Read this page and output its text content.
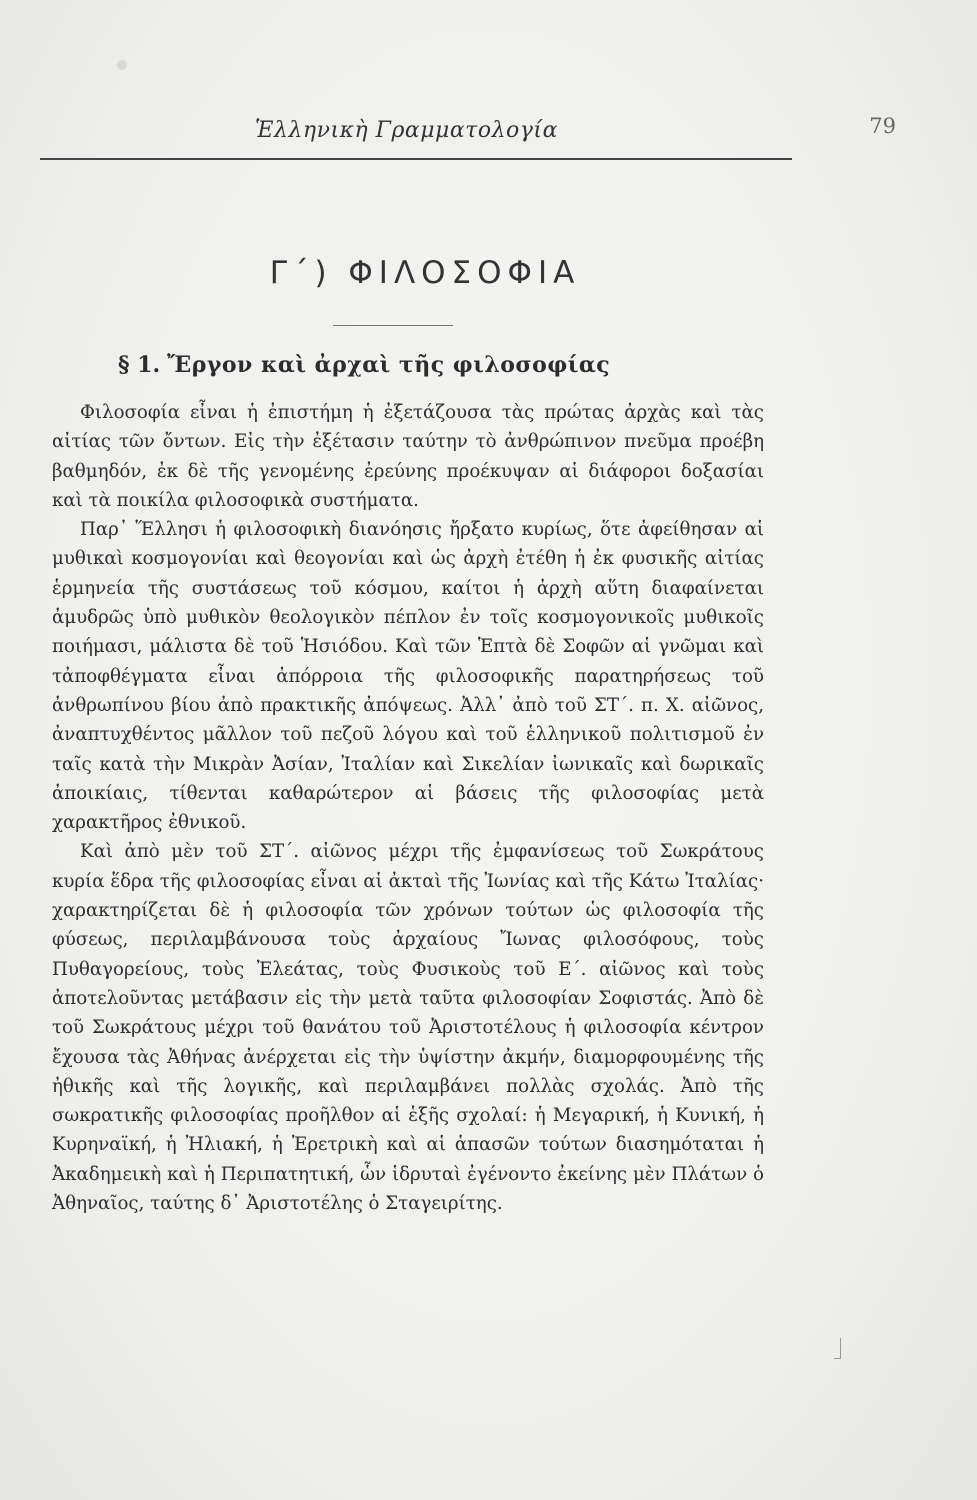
Ἑλληνικὴ Γραμματολογία	79
Γ΄) ΦΙΛΟΣΟΦΙΑ
§ 1. Ἔργον καὶ ἀρχαὶ τῆς φιλοσοφίας

Φιλοσοφία εἶναι ἡ ἐπιστήμη ἡ ἐξετάζουσα τὰς πρώτας ἀρχὰς καὶ τὰς αἰτίας τῶν ὄντων. Εἰς τὴν ἐξέτασιν ταύτην τὸ ἀνθρώπινον πνεῦμα προέβη βαθμηδόν, ἐκ δὲ τῆς γενομένης ἐρεύνης προέκυψαν αἱ διάφοροι δοξασίαι καὶ τὰ ποικίλα φιλοσοφικὰ συστήματα.

Παρ᾿ Ἕλλησι ἡ φιλοσοφικὴ διανόησις ἤρξατο κυρίως, ὅτε ἀφείθησαν αἱ μυθικαὶ κοσμογονίαι καὶ θεογονίαι καὶ ὡς ἀρχὴ ἐτέθη ἡ ἐκ φυσικῆς αἰτίας ἑρμηνεία τῆς συστάσεως τοῦ κόσμου, καίτοι ἡ ἀρχὴ αὕτη διαφαίνεται ἀμυδρῶς ὑπὸ μυθικὸν θεολογικὸν πέπλον ἐν τοῖς κοσμογονικοῖς μυθικοῖς ποιήμασι, μάλιστα δὲ τοῦ Ἡσιόδου. Καὶ τῶν Ἑπτὰ δὲ Σοφῶν αἱ γνῶμαι καὶ τἀποφθέγματα εἶναι ἀπόρροια τῆς φιλοσοφικῆς παρατηρήσεως τοῦ ἀνθρωπίνου βίου ἀπὸ πρακτικῆς ἀπόψεως. Ἀλλ᾿ ἀπὸ τοῦ ΣΤ΄. π. Χ. αἰῶνος, ἀναπτυχθέντος μᾶλλον τοῦ πεζοῦ λόγου καὶ τοῦ ἑλληνικοῦ πολιτισμοῦ ἐν ταῖς κατὰ τὴν Μικρὰν Ἀσίαν, Ἰταλίαν καὶ Σικελίαν ἰωνικαῖς καὶ δωρικαῖς ἀποικίαις, τίθενται καθαρώτερον αἱ βάσεις τῆς φιλοσοφίας μετὰ χαρακτῆρος ἐθνικοῦ.

Καὶ ἀπὸ μὲν τοῦ ΣΤ΄. αἰῶνος μέχρι τῆς ἐμφανίσεως τοῦ Σωκράτους κυρία ἕδρα τῆς φιλοσοφίας εἶναι αἱ ἀκταὶ τῆς Ἰωνίας καὶ τῆς Κάτω Ἰταλίας· χαρακτηρίζεται δὲ ἡ φιλοσοφία τῶν χρόνων τούτων ὡς φιλοσοφία τῆς φύσεως, περιλαμβάνουσα τοὺς ἀρχαίους Ἴωνας φιλοσόφους, τοὺς Πυθαγορείους, τοὺς Ἐλεάτας, τοὺς Φυσικοὺς τοῦ Ε΄. αἰῶνος καὶ τοὺς ἀποτελοῦντας μετάβασιν εἰς τὴν μετὰ ταῦτα φιλοσοφίαν Σοφιστάς. Ἀπὸ δὲ τοῦ Σωκράτους μέχρι τοῦ θανάτου τοῦ Ἀριστοτέλους ἡ φιλοσοφία κέντρον ἔχουσα τὰς Ἀθήνας ἀνέρχεται εἰς τὴν ὑψίστην ἀκμήν, διαμορφουμένης τῆς ἠθικῆς καὶ τῆς λογικῆς, καὶ περιλαμβάνει πολλὰς σχολάς. Ἀπὸ τῆς σωκρατικῆς φιλοσοφίας προῆλθον αἱ ἑξῆς σχολαί: ἡ Μεγαρική, ἡ Κυνική, ἡ Κυρηναϊκή, ἡ Ἠλιακή, ἡ Ἐρετρικὴ καὶ αἱ ἁπασῶν τούτων διασημόταται ἡ Ἀκαδημεικὴ καὶ ἡ Περιπατητική, ὧν ἱδρυταὶ ἐγένοντο ἐκείνης μὲν Πλάτων ὁ Ἀθηναῖος, ταύτης δ᾿ Ἀριστοτέλης ὁ Σταγειρίτης.
